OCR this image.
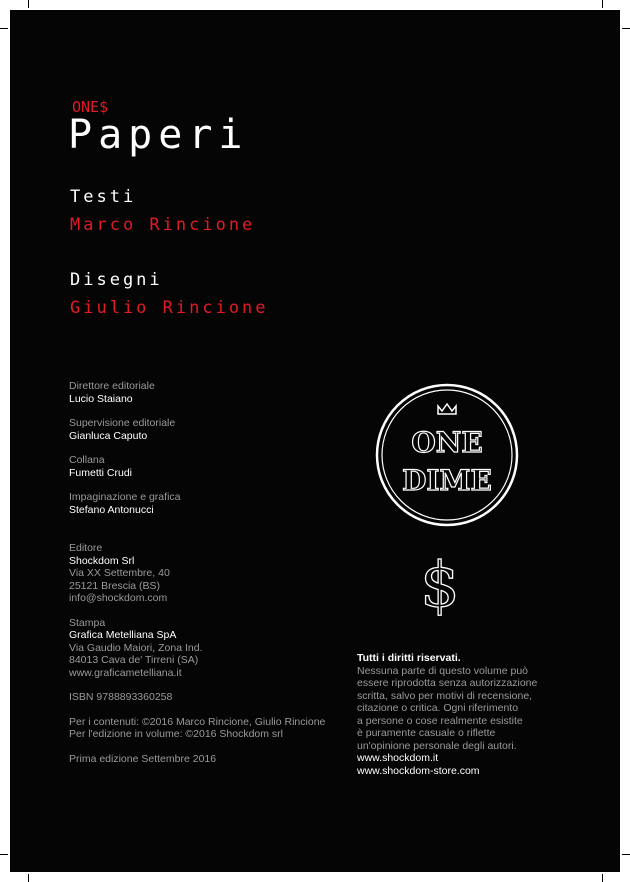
ONE$
Paperi
Testi
Marco Rincione
Disegni
Giulio Rincione
Direttore editoriale
Lucio Staiano
Supervisione editoriale
Gianluca Caputo
Collana
Fumetti Crudi
Impaginazione e grafica
Stefano Antonucci
Editore
Shockdom Srl
Via XX Settembre, 40
25121 Brescia (BS)
info@shockdom.com
Stampa
Grafica Metelliana SpA
Via Gaudio Maiori, Zona Ind.
84013 Cava de' Tirreni (SA)
www.graficametelliana.it
ISBN 9788893360258
Per i contenuti: ©2016 Marco Rincione, Giulio Rincione
Per l'edizione in volume: ©2016 Shockdom srl
Prima edizione Settembre 2016
ONE
DIME
$
Tutti i diritti riservati.
Nessuna parte di questo volume può
essere riprodotta senza autorizzazione
scritta, salvo per motivi di recensione,
citazione o critica. Ogni riferimento
a persone o cose realmente esistite
è puramente casuale o riflette
un'opinione personale degli autori.
www.shockdom.it
www.shockdom-store.com
